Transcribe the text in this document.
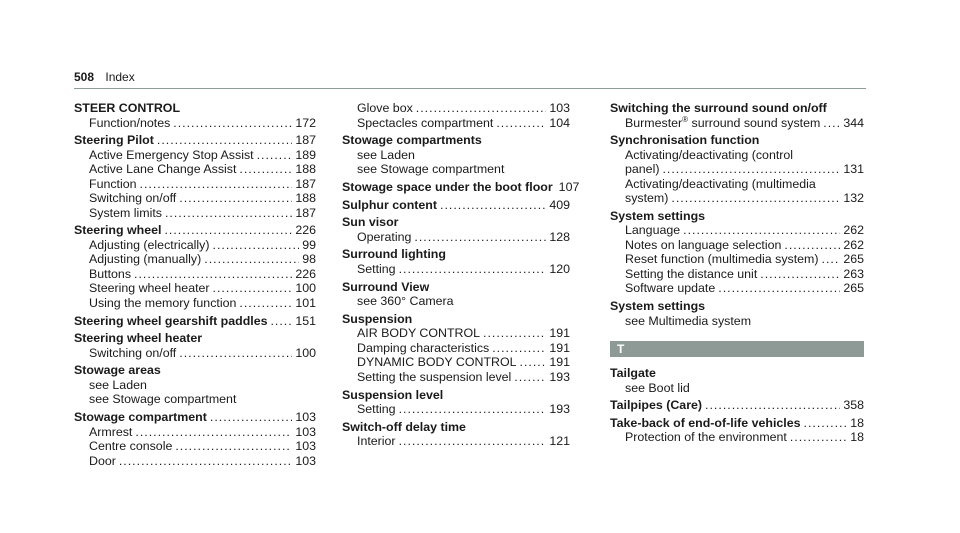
508 Index
STEER CONTROL
Function/notes .....	172
Steering Pilot .....	187
Active Emergency Stop Assist .....	189
Active Lane Change Assist .....	188
Function .....	187
Switching on/off .....	188
System limits .....	187
Steering wheel .....	226
Adjusting (electrically) .....	99
Adjusting (manually) .....	98
Buttons .....	226
Steering wheel heater .....	100
Using the memory function .....	101
Steering wheel gearshift paddles ..... 151
Steering wheel heater
Switching on/off .....	100
Stowage areas
see Laden
see Stowage compartment
Stowage compartment .....	103
Armrest .....	103
Centre console .....	103
Door .....	103
Glove box .....	103
Spectacles compartment .....	104
Stowage compartments
see Laden
see Stowage compartment
Stowage space under the boot floor 107
Sulphur content .....	409
Sun visor
Operating .....	128
Surround lighting
Setting .....	120
Surround View
see 360° Camera
Suspension
AIR BODY CONTROL .....	191
Damping characteristics .....	191
DYNAMIC BODY CONTROL .....	191
Setting the suspension level .....	193
Suspension level
Setting .....	193
Switch-off delay time
Interior .....	121
Switching the surround sound on/off
Burmester® surround sound system ..... 344
Synchronisation function
Activating/deactivating (control
panel) .....	131
Activating/deactivating (multimedia
system) .....	132
System settings
Language .....	262
Notes on language selection .....	262
Reset function (multimedia system) ..... 265
Setting the distance unit .....	263
Software update .....	265
System settings
see Multimedia system
T
Tailgate
see Boot lid
Tailpipes (Care) .....	358
Take-back of end-of-life vehicles .....	18
Protection of the environment .....	18
